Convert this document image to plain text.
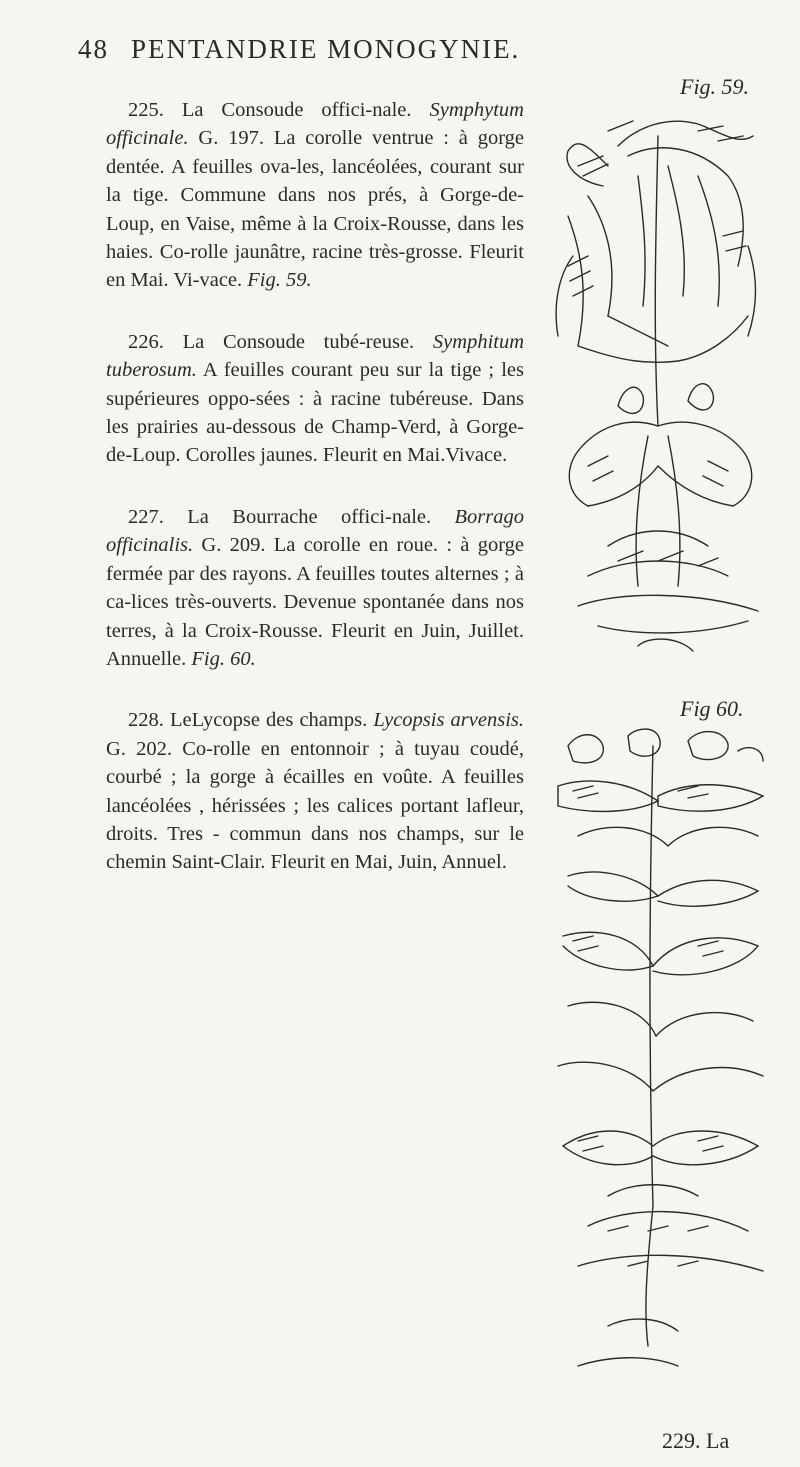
48 PENTANDRIE MONOGYNIE.

225. La Consoude offici-nale. Symphytum officinale. G. 197. La corolle ventrue : à gorge dentée. A feuilles ova-les, lancéolées, courant sur la tige. Commune dans nos prés, à Gorge-de-Loup, en Vaise, même à la Croix-Rousse, dans les haies. Co-rolle jaunâtre, racine très-grosse. Fleurit en Mai. Vi-vace. Fig. 59.

226. La Consoude tubé-reuse. Symphitum tuberosum. A feuilles courant peu sur la tige ; les supérieures oppo-sées : à racine tubéreuse. Dans les prairies au-dessous de Champ-Verd, à Gorge-de-Loup. Corolles jaunes. Fleurit en Mai.Vivace.

227. La Bourrache offici-nale. Borrago officinalis. G. 209. La corolle en roue. : à gorge fermée par des rayons. A feuilles toutes alternes ; à ca-lices très-ouverts. Devenue spontanée dans nos terres, à la Croix-Rousse. Fleurit en Juin, Juillet. Annuelle. Fig. 60.

228. LeLycopse des champs. Lycopsis arvensis. G. 202. Co-rolle en entonnoir ; à tuyau coudé, courbé ; la gorge à écailles en voûte. A feuilles lancéolées , hérissées ; les calices portant lafleur, droits. Tres - commun dans nos champs, sur le chemin Saint-Clair. Fleurit en Mai, Juin, Annuel.

Fig. 59.
Fig 60.
229. La
